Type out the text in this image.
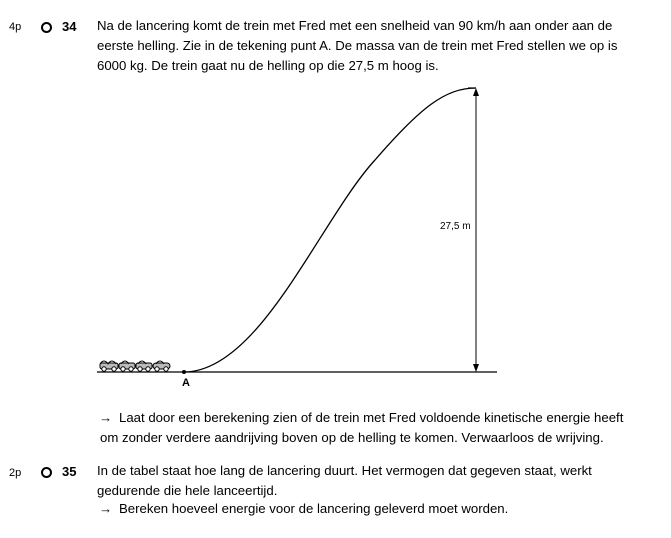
4p	34 Na de lancering komt de trein met Fred met een snelheid van 90 km/h aan onder aan de
eerste helling. Zie in de tekening punt A. De massa van de trein met Fred stellen we op is
6000 kg. De trein gaat nu de helling op die 27,5 m hoog is.
A
27,5 m
→ Laat door een berekening zien of de trein met Fred voldoende kinetische energie heeft
om zonder verdere aandrijving boven op de helling te komen. Verwaarloos de wrijving.
2p	35 In de tabel staat hoe lang de lancering duurt. Het vermogen dat gegeven staat, werkt
gedurende die hele lanceertijd.
→ Bereken hoeveel energie voor de lancering geleverd moet worden.
